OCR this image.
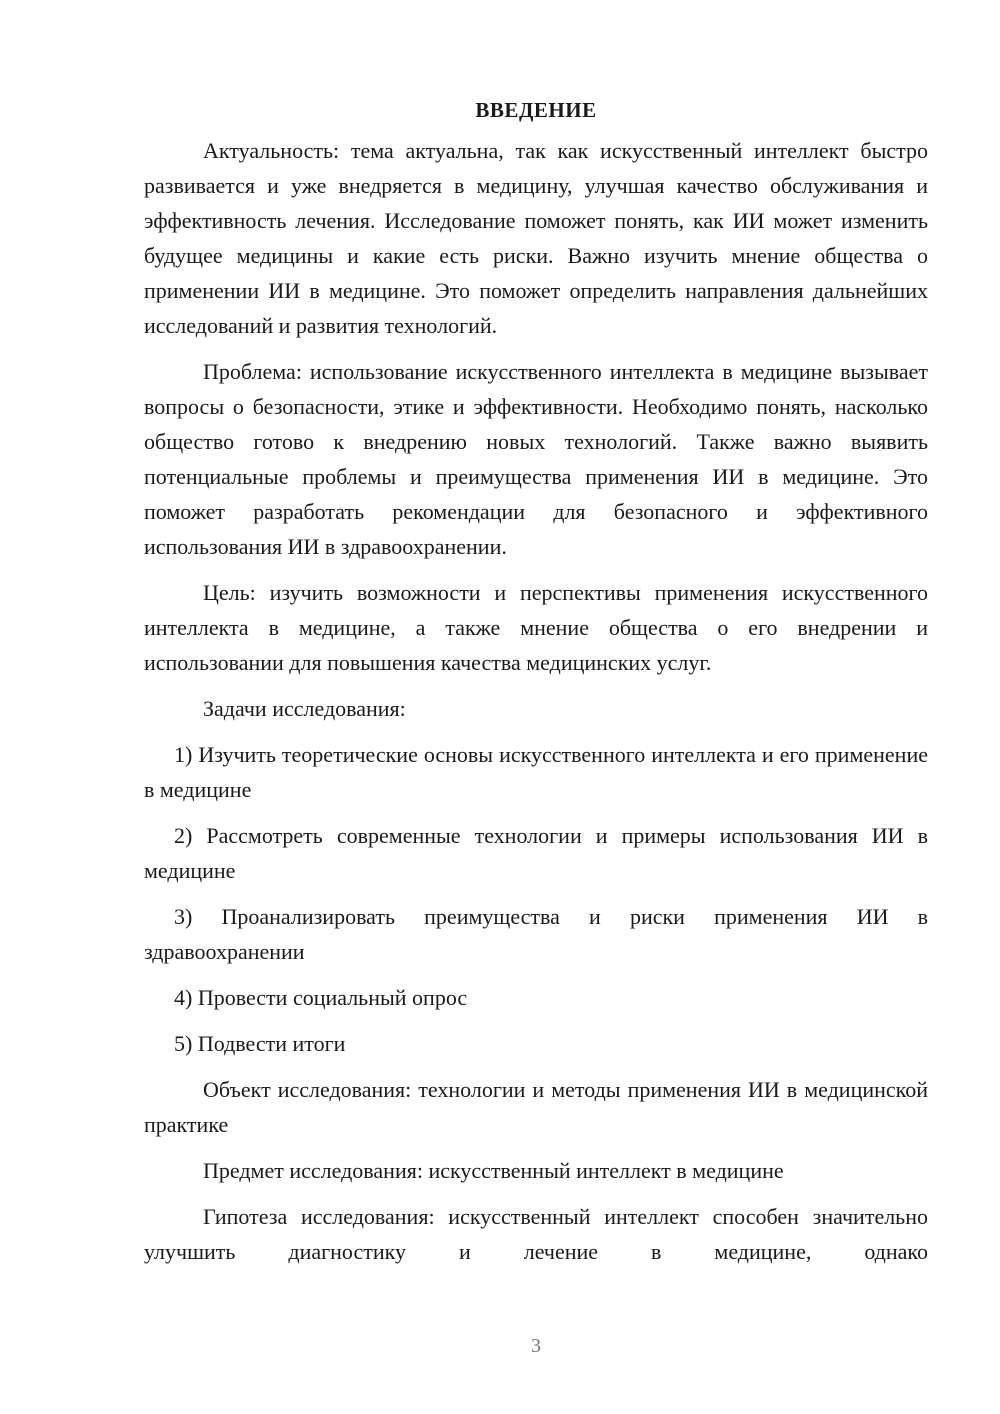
ВВЕДЕНИЕ

Актуальность: тема актуальна, так как искусственный интеллект быстро развивается и уже внедряется в медицину, улучшая качество обслуживания и эффективность лечения. Исследование поможет понять, как ИИ может изменить будущее медицины и какие есть риски. Важно изучить мнение общества о применении ИИ в медицине. Это поможет определить направления дальнейших исследований и развития технологий.

Проблема: использование искусственного интеллекта в медицине вызывает вопросы о безопасности, этике и эффективности. Необходимо понять, насколько общество готово к внедрению новых технологий. Также важно выявить потенциальные проблемы и преимущества применения ИИ в медицине. Это поможет разработать рекомендации для безопасного и эффективного использования ИИ в здравоохранении.

Цель: изучить возможности и перспективы применения искусственного интеллекта в медицине, а также мнение общества о его внедрении и использовании для повышения качества медицинских услуг.

Задачи исследования:

1) Изучить теоретические основы искусственного интеллекта и его применение в медицине

2) Рассмотреть современные технологии и примеры использования ИИ в медицине

3) Проанализировать преимущества и риски применения ИИ в здравоохранении

4) Провести социальный опрос

5) Подвести итоги

Объект исследования: технологии и методы применения ИИ в медицинской практике

Предмет исследования: искусственный интеллект в медицине

Гипотеза исследования: искусственный интеллект способен значительно улучшить диагностику и лечение в медицине, однако

3
